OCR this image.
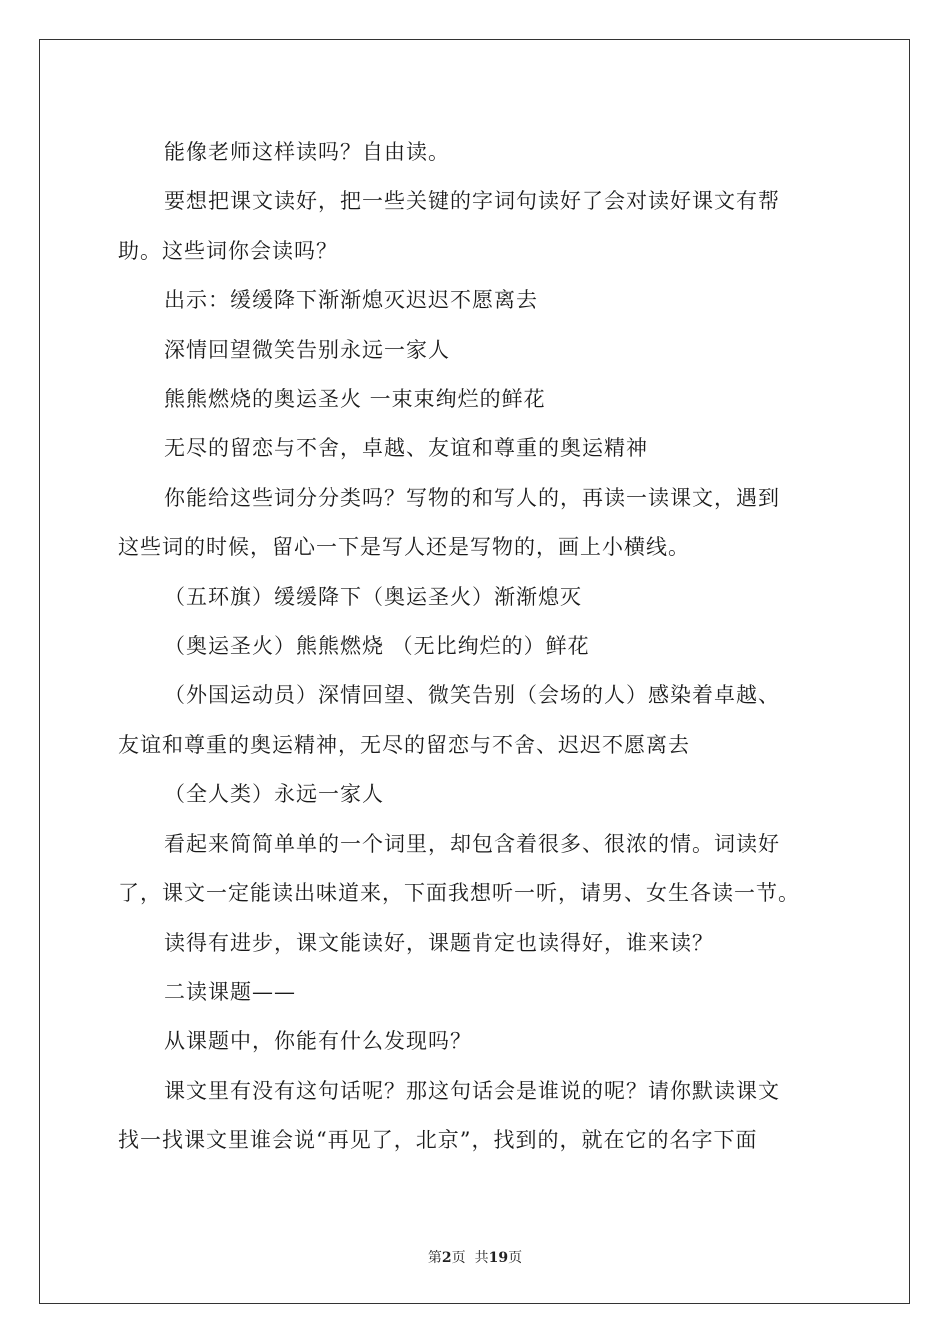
能像老师这样读吗？自由读。

要想把课文读好，把一些关键的字词句读好了会对读好课文有帮
助。这些词你会读吗？

出示：缓缓降下渐渐熄灭迟迟不愿离去

深情回望微笑告别永远一家人

熊熊燃烧的奥运圣火 一束束绚烂的鲜花

无尽的留恋与不舍，卓越、友谊和尊重的奥运精神

你能给这些词分分类吗？写物的和写人的，再读一读课文，遇到
这些词的时候，留心一下是写人还是写物的，画上小横线。

（五环旗）缓缓降下（奥运圣火）渐渐熄灭

（奥运圣火）熊熊燃烧 （无比绚烂的）鲜花

（外国运动员）深情回望、微笑告别（会场的人）感染着卓越、
友谊和尊重的奥运精神，无尽的留恋与不舍、迟迟不愿离去

（全人类）永远一家人

看起来简简单单的一个词里，却包含着很多、很浓的情。词读好
了，课文一定能读出味道来，下面我想听一听，请男、女生各读一节。

读得有进步，课文能读好，课题肯定也读得好，谁来读？

二读课题——

从课题中，你能有什么发现吗？

课文里有没有这句话呢？那这句话会是谁说的呢？请你默读课文
找一找课文里谁会说“再见了，北京”，找到的，就在它的名字下面

第2页  共19页
